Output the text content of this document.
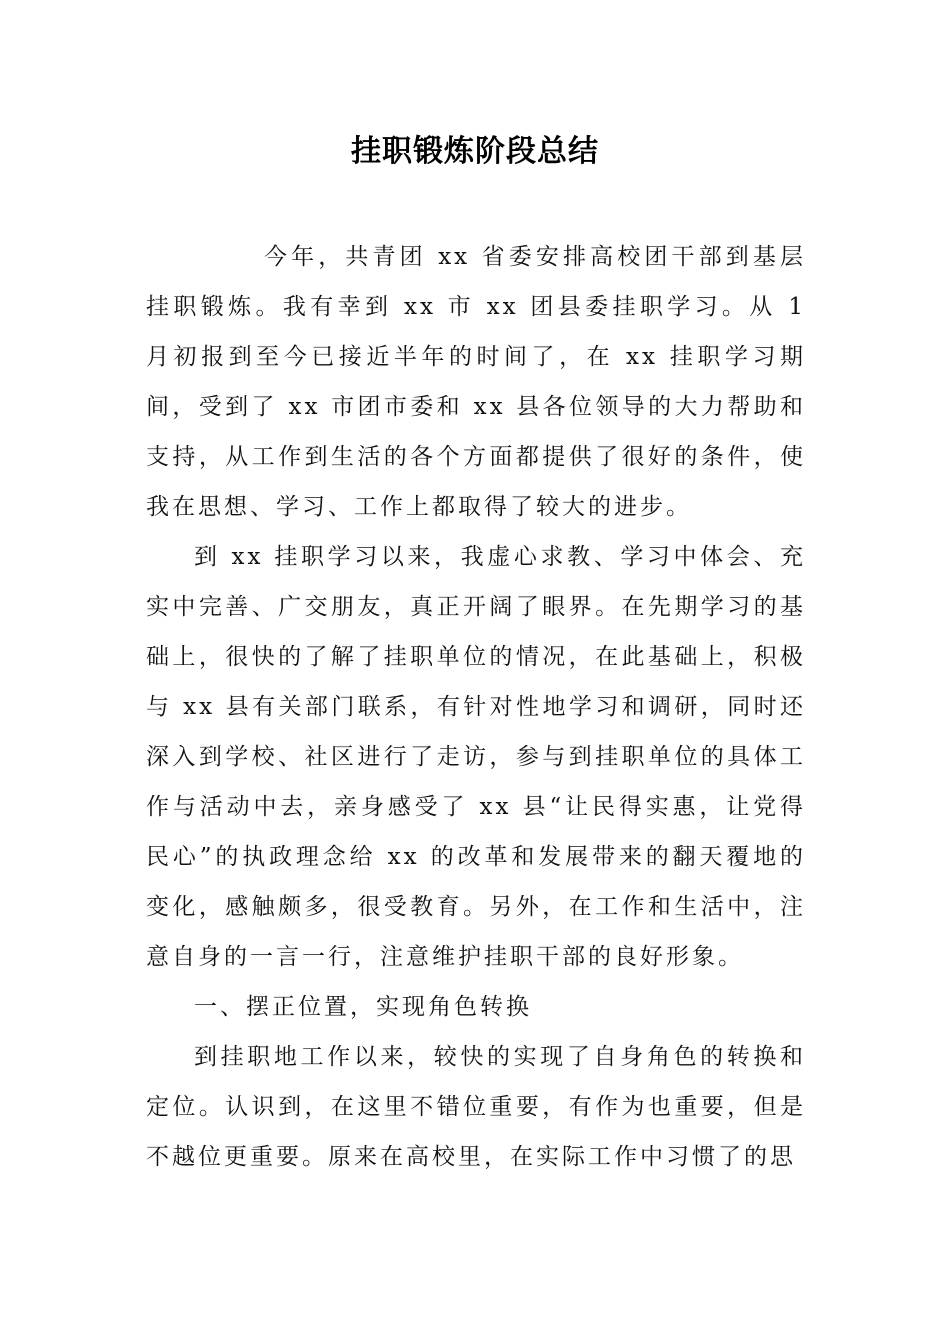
挂职锻炼阶段总结

今年，共青团 xx 省委安排高校团干部到基层挂职锻炼。我有幸到 xx 市 xx 团县委挂职学习。从 1 月初报到至今已接近半年的时间了，在 xx 挂职学习期间，受到了 xx 市团市委和 xx 县各位领导的大力帮助和支持，从工作到生活的各个方面都提供了很好的条件，使我在思想、学习、工作上都取得了较大的进步。

到 xx 挂职学习以来，我虚心求教、学习中体会、充实中完善、广交朋友，真正开阔了眼界。在先期学习的基础上，很快的了解了挂职单位的情况，在此基础上，积极与 xx 县有关部门联系，有针对性地学习和调研，同时还深入到学校、社区进行了走访，参与到挂职单位的具体工作与活动中去，亲身感受了 xx 县“让民得实惠，让党得民心”的执政理念给 xx 的改革和发展带来的翻天覆地的变化，感触颇多，很受教育。另外，在工作和生活中，注意自身的一言一行，注意维护挂职干部的良好形象。

一、摆正位置，实现角色转换

到挂职地工作以来，较快的实现了自身角色的转换和定位。认识到，在这里不错位重要，有作为也重要，但是不越位更重要。原来在高校里，在实际工作中习惯了的思
